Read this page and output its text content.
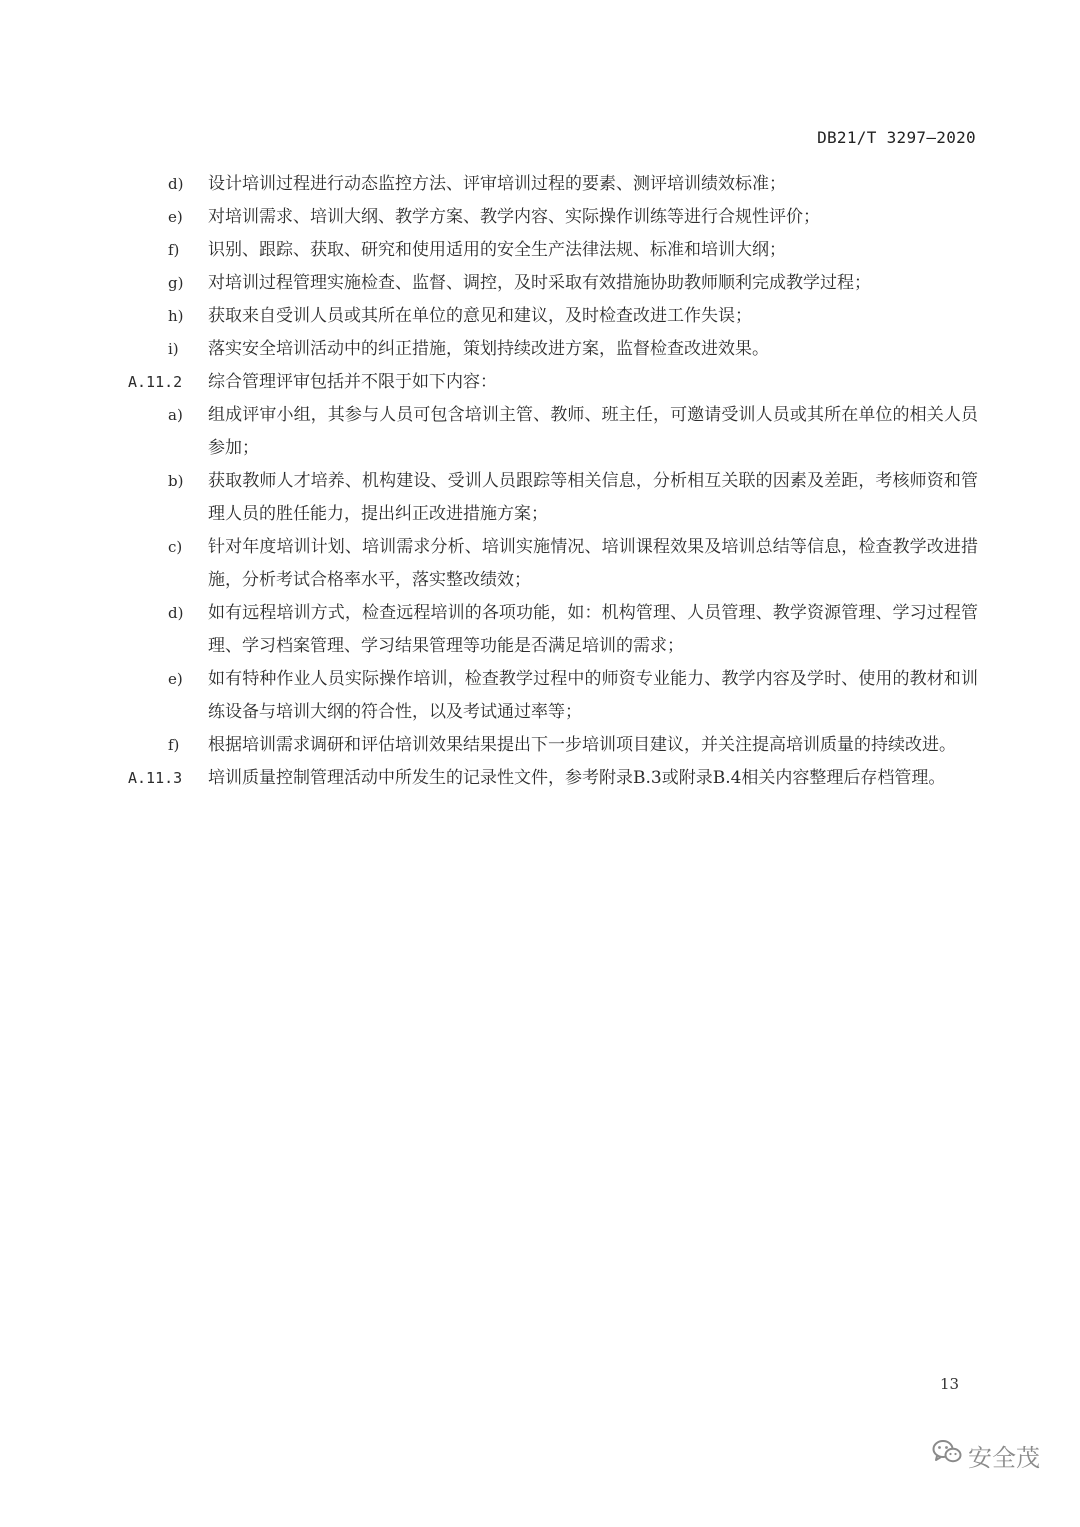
DB21/T 3297—2020
d) 设计培训过程进行动态监控方法、评审培训过程的要素、测评培训绩效标准；
e) 对培训需求、培训大纲、教学方案、教学内容、实际操作训练等进行合规性评价；
f) 识别、跟踪、获取、研究和使用适用的安全生产法律法规、标准和培训大纲；
g) 对培训过程管理实施检查、监督、调控，及时采取有效措施协助教师顺利完成教学过程；
h) 获取来自受训人员或其所在单位的意见和建议，及时检查改进工作失误；
i) 落实安全培训活动中的纠正措施，策划持续改进方案，监督检查改进效果。
A.11.2 综合管理评审包括并不限于如下内容：
a) 组成评审小组，其参与人员可包含培训主管、教师、班主任，可邀请受训人员或其所在单位的相关人员参加；
b) 获取教师人才培养、机构建设、受训人员跟踪等相关信息，分析相互关联的因素及差距，考核师资和管理人员的胜任能力，提出纠正改进措施方案；
c) 针对年度培训计划、培训需求分析、培训实施情况、培训课程效果及培训总结等信息，检查教学改进措施，分析考试合格率水平，落实整改绩效；
d) 如有远程培训方式，检查远程培训的各项功能，如：机构管理、人员管理、教学资源管理、学习过程管理、学习档案管理、学习结果管理等功能是否满足培训的需求；
e) 如有特种作业人员实际操作培训，检查教学过程中的师资专业能力、教学内容及学时、使用的教材和训练设备与培训大纲的符合性，以及考试通过率等；
f) 根据培训需求调研和评估培训效果结果提出下一步培训项目建议，并关注提高培训质量的持续改进。
A.11.3	培训质量控制管理活动中所发生的记录性文件，参考附录B.3或附录B.4相关内容整理后存档管理。
13
安全茂
